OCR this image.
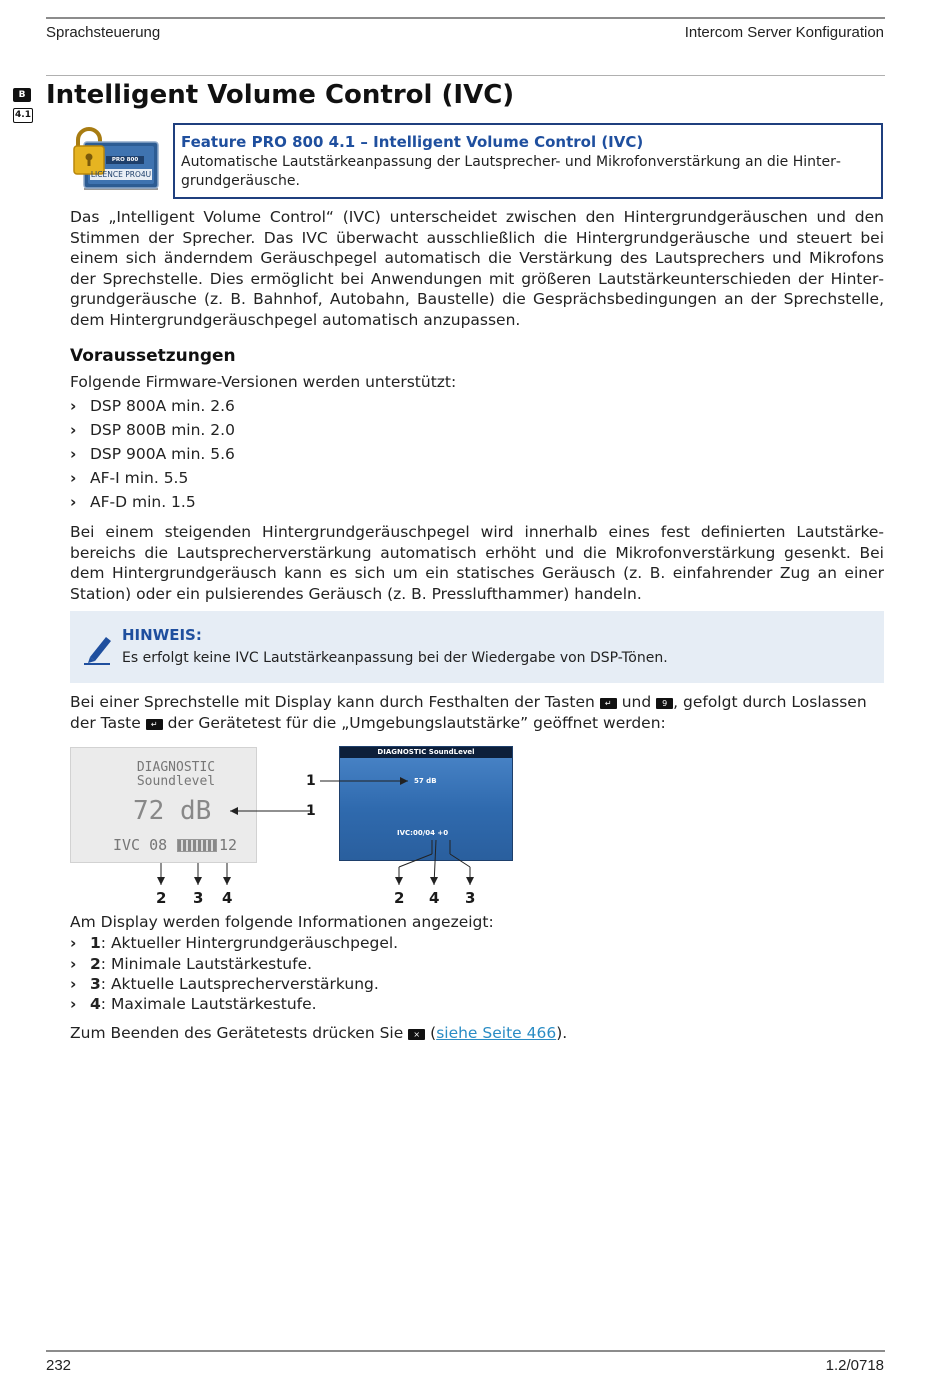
Sprachsteuerung	Intercom Server Konfiguration
B
4.1
Intelligent Volume Control (IVC)
PRO 800
LICENCE PRO4U
Feature PRO 800 4.1 – Intelligent Volume Control (IVC)
Automatische Lautstärkeanpassung der Lautsprecher- und Mikrofonverstärkung an die Hintergrundgeräusche.
Das „Intelligent Volume Control“ (IVC) unterscheidet zwischen den Hintergrundgeräuschen und den Stimmen der Sprecher. Das IVC überwacht ausschließlich die Hintergrundgeräusche und steuert bei einem sich änderndem Geräuschpegel automatisch die Verstärkung des Lautsprechers und Mikrofons der Sprechstelle. Dies ermöglicht bei Anwendungen mit größeren Lautstärkeunterschieden der Hintergrundgeräusche (z. B. Bahnhof, Autobahn, Baustelle) die Gesprächsbedingungen an der Sprechstelle, dem Hintergrundgeräuschpegel automatisch anzupassen.
Voraussetzungen
Folgende Firmware-Versionen werden unterstützt:
› DSP 800A min. 2.6
› DSP 800B min. 2.0
› DSP 900A min. 5.6
› AF-I min. 5.5
› AF-D min. 1.5
Bei einem steigenden Hintergrundgeräuschpegel wird innerhalb eines fest definierten Lautstärkebereichs die Lautsprecherverstärkung automatisch erhöht und die Mikrofonverstärkung gesenkt. Bei dem Hintergrundgeräusch kann es sich um ein statisches Geräusch (z. B. einfahrender Zug an einer Station) oder ein pulsierendes Geräusch (z. B. Presslufthammer) handeln.
HINWEIS:
Es erfolgt keine IVC Lautstärkeanpassung bei der Wiedergabe von DSP-Tönen.
Bei einer Sprechstelle mit Display kann durch Festhalten der Tasten ↵ und 9 , gefolgt durch Loslassen
der Taste ↵ der Gerätetest für die „Umgebungslautstärke” geöffnet werden:
DIAGNOSTIC
Soundlevel
72 dB
IVC 08	12
1
2 3 4
DIAGNOSTIC SoundLevel
57 dB
IVC:00/04 +0
1
2 4 3
Am Display werden folgende Informationen angezeigt:
› 1: Aktueller Hintergrundgeräuschpegel.
› 2: Minimale Lautstärkestufe.
› 3: Aktuelle Lautsprecherverstärkung.
› 4: Maximale Lautstärkestufe.
Zum Beenden des Gerätetests drücken Sie × (siehe Seite 466).
232	1.2/0718
